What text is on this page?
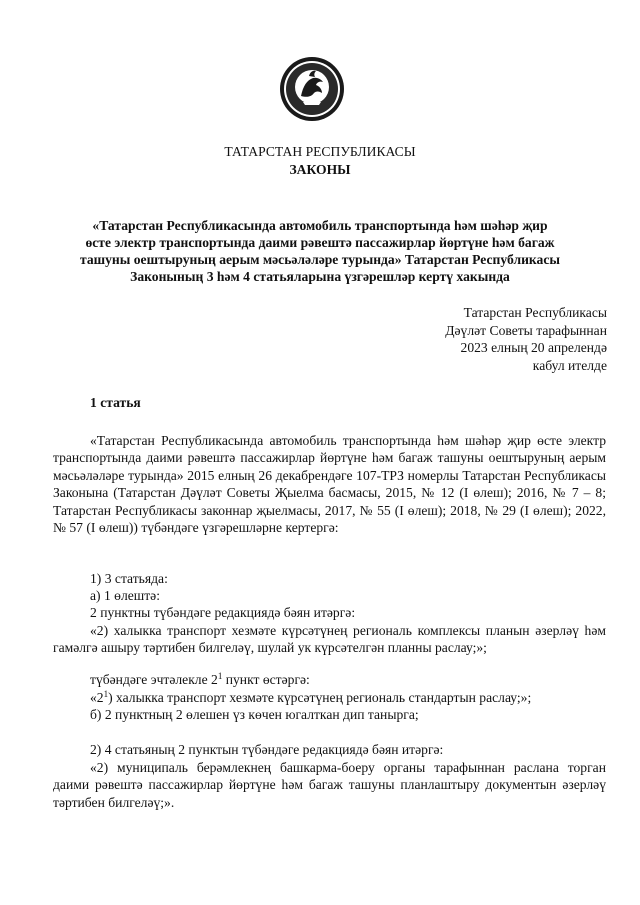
ТАТАРСТАН РЕСПУБЛИКАСЫ
ЗАКОНЫ
«Татарстан Республикасында автомобиль транспортында һәм шәһәр җир
өсте электр транспортында даими рәвештә пассажирлар йөртүне һәм багаж
ташуны оештыруның аерым мәсьәләләре турында» Татарстан Республикасы
Законының 3 һәм 4 статьяларына үзгәрешләр кертү хакында
Татарстан Республикасы
Дәүләт Советы тарафыннан
2023 елның 20 апрелендә
кабул ителде
1 статья
«Татарстан Республикасында автомобиль транспортында һәм шәһәр җир өсте электр транспортында даими рәвештә пассажирлар йөртүне һәм багаж ташуны оештыруның аерым мәсьәләләре турында» 2015 елның 26 декабрендәге 107-ТРЗ номерлы Татарстан Республикасы Законына (Татарстан Дәүләт Советы Җыелма басмасы, 2015, № 12 (I өлеш); 2016, № 7 – 8; Татарстан Республикасы законнар җыелмасы, 2017, № 55 (I өлеш); 2018, № 29 (I өлеш); 2022, № 57 (I өлеш)) түбәндәге үзгәрешләрне кертергә:
1) 3 статьяда:
а) 1 өлештә:
2 пунктны түбәндәге редакциядә бәян итәргә:
«2) халыкка транспорт хезмәте күрсәтүнең региональ комплексы планын әзерләү һәм гамәлгә ашыру тәртибен билгеләү, шулай ук күрсәтелгән планны раслау;»;
түбәндәге эчтәлекле $2^1$ пункт өстәргә:
«$2^1$) халыкка транспорт хезмәте күрсәтүнең региональ стандартын раслау;»;
б) 2 пунктның 2 өлешен үз көчен югалткан дип танырга;
2) 4 статьяның 2 пунктын түбәндәге редакциядә бәян итәргә:
«2) муниципаль берәмлекнең башкарма-боеру органы тарафыннан раслана торган даими рәвештә пассажирлар йөртүне һәм багаж ташуны планлаштыру документын әзерләү тәртибен билгеләү;».
